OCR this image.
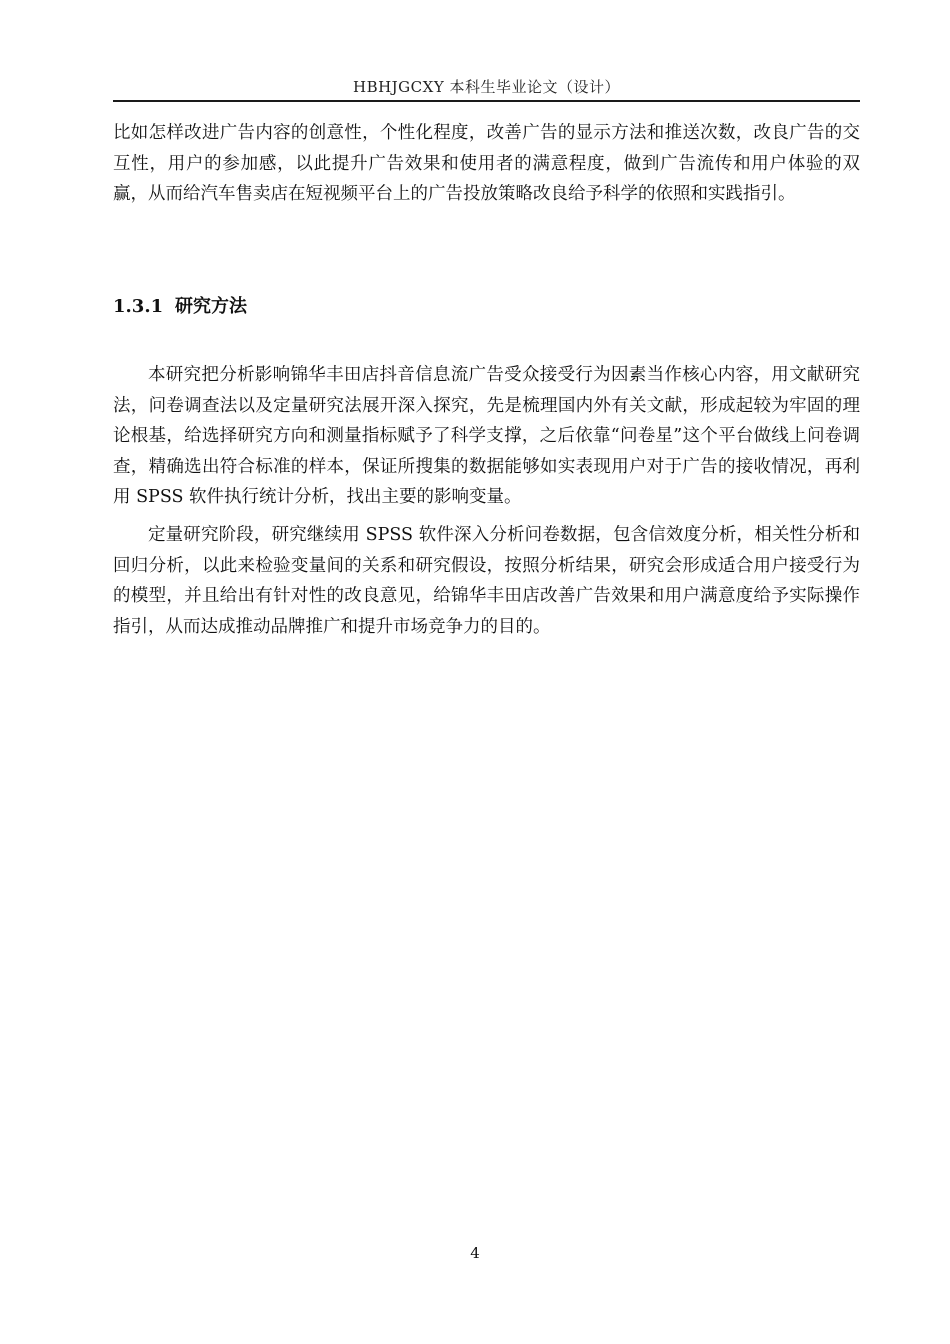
HBHJGCXY 本科生毕业论文（设计）

比如怎样改进广告内容的创意性，个性化程度，改善广告的显示方法和推送次数，改良广告的交互性，用户的参加感，以此提升广告效果和使用者的满意程度，做到广告流传和用户体验的双赢，从而给汽车售卖店在短视频平台上的广告投放策略改良给予科学的依照和实践指引。

1.3.1 研究方法

本研究把分析影响锦华丰田店抖音信息流广告受众接受行为因素当作核心内容，用文献研究法，问卷调查法以及定量研究法展开深入探究，先是梳理国内外有关文献，形成起较为牢固的理论根基，给选择研究方向和测量指标赋予了科学支撑，之后依靠“问卷星”这个平台做线上问卷调查，精确选出符合标准的样本，保证所搜集的数据能够如实表现用户对于广告的接收情况，再利用 SPSS 软件执行统计分析，找出主要的影响变量。

定量研究阶段，研究继续用 SPSS 软件深入分析问卷数据，包含信效度分析，相关性分析和回归分析，以此来检验变量间的关系和研究假设，按照分析结果，研究会形成适合用户接受行为的模型，并且给出有针对性的改良意见，给锦华丰田店改善广告效果和用户满意度给予实际操作指引，从而达成推动品牌推广和提升市场竞争力的目的。

4
